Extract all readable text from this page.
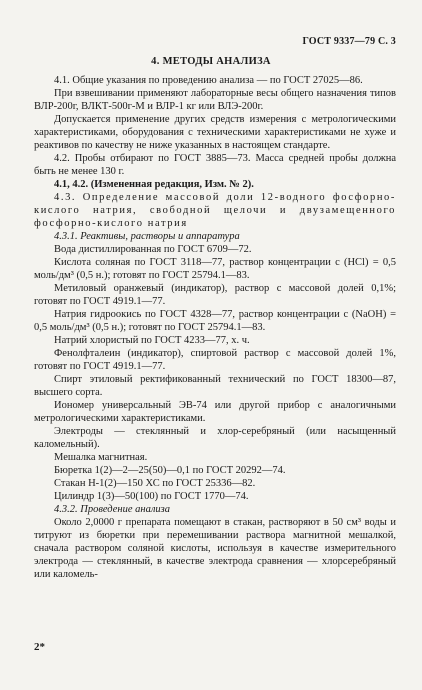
ГОСТ 9337—79 С. 3
4. МЕТОДЫ АНАЛИЗА

4.1. Общие указания по проведению анализа — по ГОСТ 27025—86.

При взвешивании применяют лабораторные весы общего назначения типов ВЛР-200г, ВЛКТ-500г-М и ВЛР-1 кг или ВЛЭ-200г.

Допускается применение других средств измерения с метрологическими характеристиками, оборудования с техническими характеристиками не хуже и реактивов по качеству не ниже указанных в настоящем стандарте.

4.2. Пробы отбирают по ГОСТ 3885—73. Масса средней пробы должна быть не менее 130 г.

4.1, 4.2. (Измененная редакция, Изм. № 2).

4.3. Определение массовой доли 12-водного фосфорно-кислого натрия, свободной щелочи и двузамещенного фосфорно-кислого натрия

4.3.1. Реактивы, растворы и аппаратура

Вода дистиллированная по ГОСТ 6709—72.

Кислота соляная по ГОСТ 3118—77, раствор концентрации c (HCl) = 0,5 моль/дм³ (0,5 н.); готовят по ГОСТ 25794.1—83.

Метиловый оранжевый (индикатор), раствор с массовой долей 0,1%; готовят по ГОСТ 4919.1—77.

Натрия гидроокись по ГОСТ 4328—77, раствор концентрации c (NaOH) = 0,5 моль/дм³ (0,5 н.); готовят по ГОСТ 25794.1—83.

Натрий хлористый по ГОСТ 4233—77, х. ч.

Фенолфталеин (индикатор), спиртовой раствор с массовой долей 1%, готовят по ГОСТ 4919.1—77.

Спирт этиловый ректификованный технический по ГОСТ 18300—87, высшего сорта.

Иономер универсальный ЭВ-74 или другой прибор с аналогичными метрологическими характеристиками.

Электроды — стеклянный и хлор-серебряный (или насыщенный каломельный).

Мешалка магнитная.

Бюретка 1(2)—2—25(50)—0,1 по ГОСТ 20292—74.

Стакан Н-1(2)—150 ХС по ГОСТ 25336—82.

Цилиндр 1(3)—50(100) по ГОСТ 1770—74.

4.3.2. Проведение анализа

Около 2,0000 г препарата помещают в стакан, растворяют в 50 см³ воды и титруют из бюретки при перемешивании раствора магнитной мешалкой, сначала раствором соляной кислоты, используя в качестве измерительного электрода — стеклянный, в качестве электрода сравнения — хлорсеребряный или каломель-

2*
